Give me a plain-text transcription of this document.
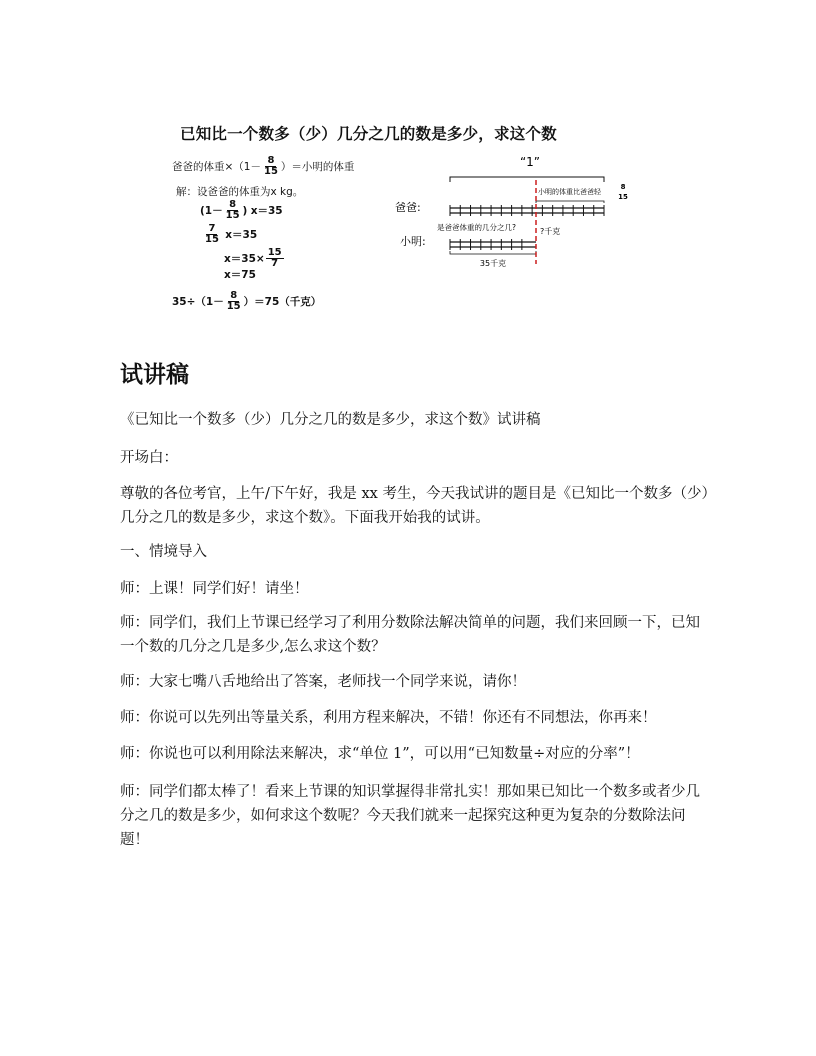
已知比一个数多（少）几分之几的数是多少，求这个数
爸爸的体重$\times(1- \frac{8}{15}$ ）＝小明的体重
解：设爸爸的体重为x kg。
($1- \frac{8}{15}$ )
x＝35
$\frac{7}{15}$
x＝35
$x=35\times \frac{15}{7}$
x＝75
$35\div(1- \frac{8}{15} )=75$（千克）
“1”
爸爸:
小明的体重比爸爸轻
8
15
小明:
是爸爸体重的几分之几?	?千克
35千克
试讲稿
《已知比一个数多（少）几分之几的数是多少，求这个数》试讲稿
开场白：
尊敬的各位考官，上午/下午好，我是 xx 考生，今天我试讲的题目是《已知比一个数多（少）几分之几的数是多少，求这个数》。下面我开始我的试讲。
一、情境导入
师：上课！同学们好！请坐！
师：同学们，我们上节课已经学习了利用分数除法解决简单的问题，我们来回顾一下，已知一个数的几分之几是多少,怎么求这个数？
师：大家七嘴八舌地给出了答案，老师找一个同学来说，请你！
师：你说可以先列出等量关系，利用方程来解决，不错！你还有不同想法，你再来！
师：你说也可以利用除法来解决，求“单位 1”，可以用“已知数量÷对应的分率”！
师：同学们都太棒了！看来上节课的知识掌握得非常扎实！那如果已知比一个数多或者少几分之几的数是多少，如何求这个数呢？今天我们就来一起探究这种更为复杂的分数除法问题！
